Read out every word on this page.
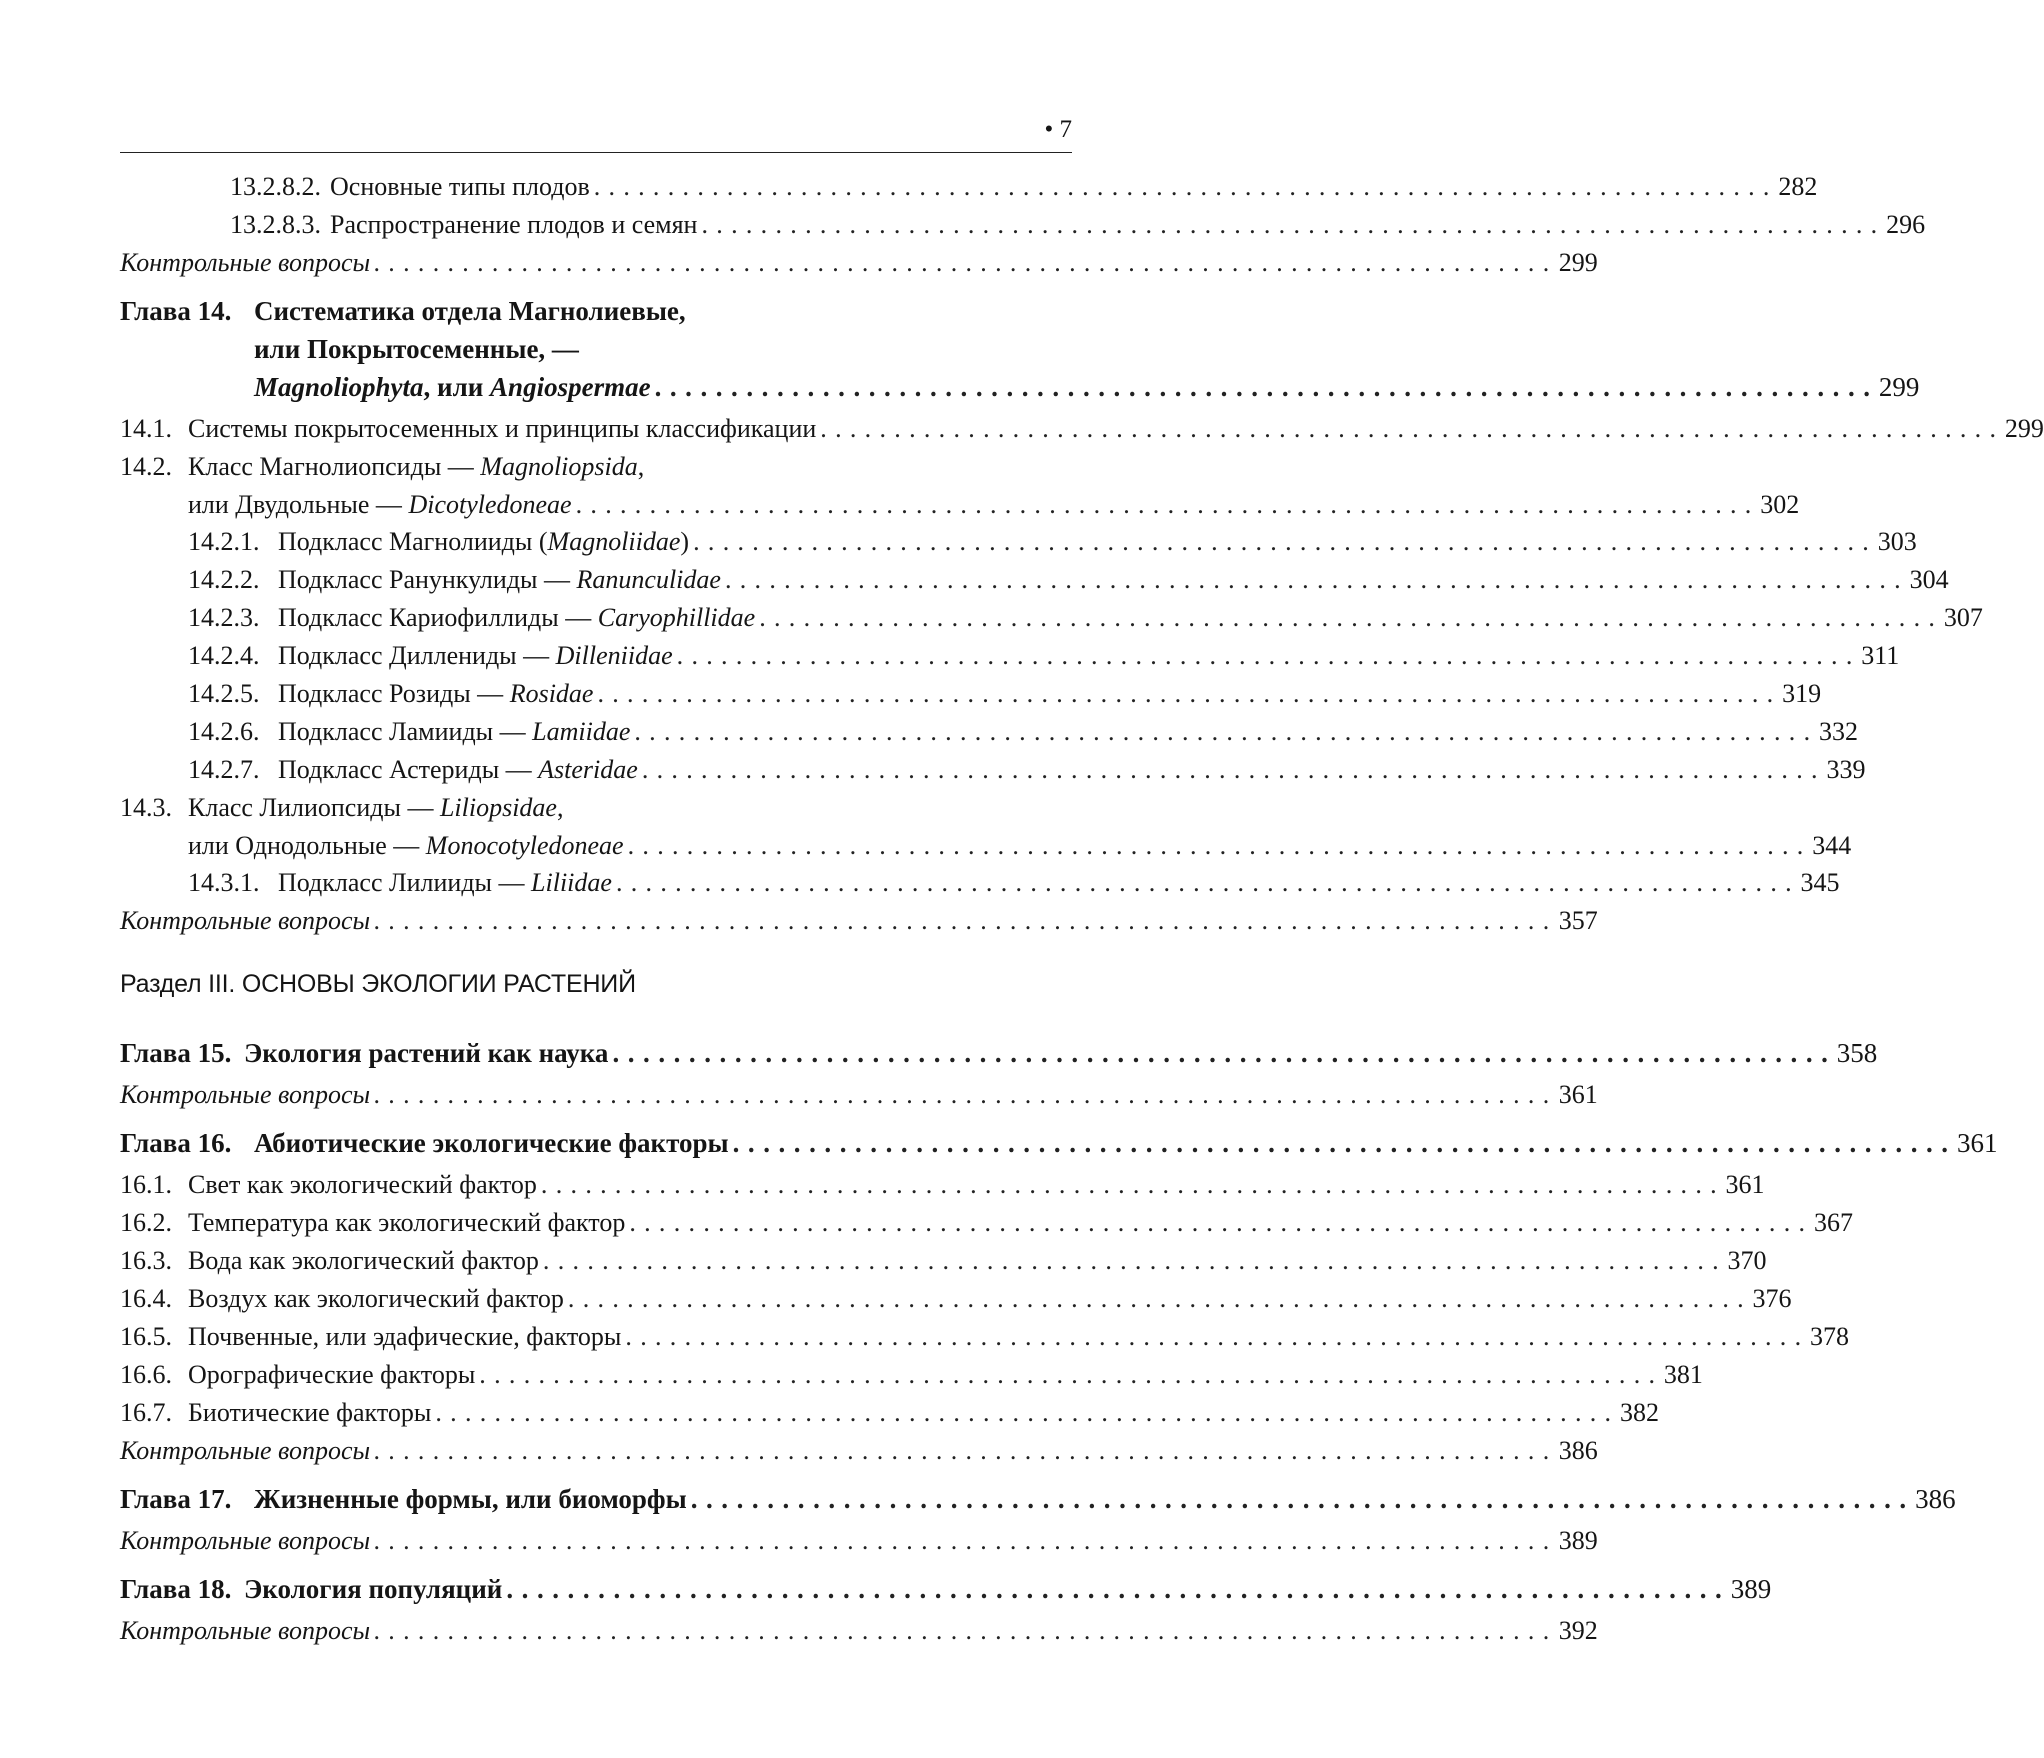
• 7
13.2.8.2. Основные типы плодов . . . . . . . . . . . . . . . . . . . . . . . . . . . . . . . . . . . . . . . . . . . . . . . . . . . . . . . . . . . . . . . . . . . . . . . . . . . . . . . . 282
13.2.8.3. Распространение плодов и семян . . . . . . . . . . . . . . . . . . . . . . . . . . . . . . . . . . . . . . . . . . . . . . . . . . . . . . . . . . . . . . . . . . . . . . . . . . . . . . . . 296
Контрольные вопросы . . . . . . . . . . . . . . . . . . . . . . . . . . . . . . . . . . . . . . . . . . . . . . . . . . . . . . . . . . . . . . . . . . . . . . . . . . . . . . . . 299
Глава 14. Систематика отдела Магнолиевые,
или Покрытосеменные, —
Magnoliophyta, или Angiospermae . . . . . . . . . . . . . . . . . . . . . . . . . . . . . . . . . . . . . . . . . . . . . . . . . . . . . . . . . . . . . . . . . . . . . . . . . . . . . . . . 299
14.1. Системы покрытосеменных и принципы классификации . . . . . . . . . . . . . . . . . . . . . . . . . . . . . . . . . . . . . . . . . . . . . . . . . . . . . . . . . . . . . . . . . . . . . . . . . . . . . . . . 299
14.2. Класс Магнолиопсиды — Magnoliopsida,
или Двудольные — Dicotyledoneae . . . . . . . . . . . . . . . . . . . . . . . . . . . . . . . . . . . . . . . . . . . . . . . . . . . . . . . . . . . . . . . . . . . . . . . . . . . . . . . . 302
14.2.1. Подкласс Магнолииды (Magnoliidae) . . . . . . . . . . . . . . . . . . . . . . . . . . . . . . . . . . . . . . . . . . . . . . . . . . . . . . . . . . . . . . . . . . . . . . . . . . . . . . . . 303
14.2.2. Подкласс Ранункулиды — Ranunculidae . . . . . . . . . . . . . . . . . . . . . . . . . . . . . . . . . . . . . . . . . . . . . . . . . . . . . . . . . . . . . . . . . . . . . . . . . . . . . . . . 304
14.2.3. Подкласс Кариофиллиды — Caryophillidae . . . . . . . . . . . . . . . . . . . . . . . . . . . . . . . . . . . . . . . . . . . . . . . . . . . . . . . . . . . . . . . . . . . . . . . . . . . . . . . . 307
14.2.4. Подкласс Диллениды — Dilleniidae . . . . . . . . . . . . . . . . . . . . . . . . . . . . . . . . . . . . . . . . . . . . . . . . . . . . . . . . . . . . . . . . . . . . . . . . . . . . . . . . 311
14.2.5. Подкласс Розиды — Rosidae . . . . . . . . . . . . . . . . . . . . . . . . . . . . . . . . . . . . . . . . . . . . . . . . . . . . . . . . . . . . . . . . . . . . . . . . . . . . . . . . 319
14.2.6. Подкласс Ламииды — Lamiidae . . . . . . . . . . . . . . . . . . . . . . . . . . . . . . . . . . . . . . . . . . . . . . . . . . . . . . . . . . . . . . . . . . . . . . . . . . . . . . . . 332
14.2.7. Подкласс Астериды — Asteridae . . . . . . . . . . . . . . . . . . . . . . . . . . . . . . . . . . . . . . . . . . . . . . . . . . . . . . . . . . . . . . . . . . . . . . . . . . . . . . . . 339
14.3. Класс Лилиопсиды — Liliopsidae,
или Однодольные — Monocotyledoneae . . . . . . . . . . . . . . . . . . . . . . . . . . . . . . . . . . . . . . . . . . . . . . . . . . . . . . . . . . . . . . . . . . . . . . . . . . . . . . . . 344
14.3.1. Подкласс Лилииды — Liliidae . . . . . . . . . . . . . . . . . . . . . . . . . . . . . . . . . . . . . . . . . . . . . . . . . . . . . . . . . . . . . . . . . . . . . . . . . . . . . . . . 345
Контрольные вопросы . . . . . . . . . . . . . . . . . . . . . . . . . . . . . . . . . . . . . . . . . . . . . . . . . . . . . . . . . . . . . . . . . . . . . . . . . . . . . . . . 357
Глава 15. Экология растений как наука . . . . . . . . . . . . . . . . . . . . . . . . . . . . . . . . . . . . . . . . . . . . . . . . . . . . . . . . . . . . . . . . . . . . . . . . . . . . . . . . 358
Контрольные вопросы . . . . . . . . . . . . . . . . . . . . . . . . . . . . . . . . . . . . . . . . . . . . . . . . . . . . . . . . . . . . . . . . . . . . . . . . . . . . . . . . 361
Глава 16. Абиотические экологические факторы . . . . . . . . . . . . . . . . . . . . . . . . . . . . . . . . . . . . . . . . . . . . . . . . . . . . . . . . . . . . . . . . . . . . . . . . . . . . . . . . 361
16.1. Свет как экологический фактор . . . . . . . . . . . . . . . . . . . . . . . . . . . . . . . . . . . . . . . . . . . . . . . . . . . . . . . . . . . . . . . . . . . . . . . . . . . . . . . . 361
16.2. Температура как экологический фактор . . . . . . . . . . . . . . . . . . . . . . . . . . . . . . . . . . . . . . . . . . . . . . . . . . . . . . . . . . . . . . . . . . . . . . . . . . . . . . . . 367
16.3. Вода как экологический фактор . . . . . . . . . . . . . . . . . . . . . . . . . . . . . . . . . . . . . . . . . . . . . . . . . . . . . . . . . . . . . . . . . . . . . . . . . . . . . . . . 370
16.4. Воздух как экологический фактор . . . . . . . . . . . . . . . . . . . . . . . . . . . . . . . . . . . . . . . . . . . . . . . . . . . . . . . . . . . . . . . . . . . . . . . . . . . . . . . . 376
16.5. Почвенные, или эдафические, факторы . . . . . . . . . . . . . . . . . . . . . . . . . . . . . . . . . . . . . . . . . . . . . . . . . . . . . . . . . . . . . . . . . . . . . . . . . . . . . . . . 378
16.6. Орографические факторы . . . . . . . . . . . . . . . . . . . . . . . . . . . . . . . . . . . . . . . . . . . . . . . . . . . . . . . . . . . . . . . . . . . . . . . . . . . . . . . . 381
16.7. Биотические факторы . . . . . . . . . . . . . . . . . . . . . . . . . . . . . . . . . . . . . . . . . . . . . . . . . . . . . . . . . . . . . . . . . . . . . . . . . . . . . . . . 382
Контрольные вопросы . . . . . . . . . . . . . . . . . . . . . . . . . . . . . . . . . . . . . . . . . . . . . . . . . . . . . . . . . . . . . . . . . . . . . . . . . . . . . . . . 386
Глава 17. Жизненные формы, или биоморфы . . . . . . . . . . . . . . . . . . . . . . . . . . . . . . . . . . . . . . . . . . . . . . . . . . . . . . . . . . . . . . . . . . . . . . . . . . . . . . . . 386
Контрольные вопросы . . . . . . . . . . . . . . . . . . . . . . . . . . . . . . . . . . . . . . . . . . . . . . . . . . . . . . . . . . . . . . . . . . . . . . . . . . . . . . . . 389
Глава 18. Экология популяций . . . . . . . . . . . . . . . . . . . . . . . . . . . . . . . . . . . . . . . . . . . . . . . . . . . . . . . . . . . . . . . . . . . . . . . . . . . . . . . . 389
Контрольные вопросы . . . . . . . . . . . . . . . . . . . . . . . . . . . . . . . . . . . . . . . . . . . . . . . . . . . . . . . . . . . . . . . . . . . . . . . . . . . . . . . . 392
Раздел III. ОСНОВЫ ЭКОЛОГИИ РАСТЕНИЙ
